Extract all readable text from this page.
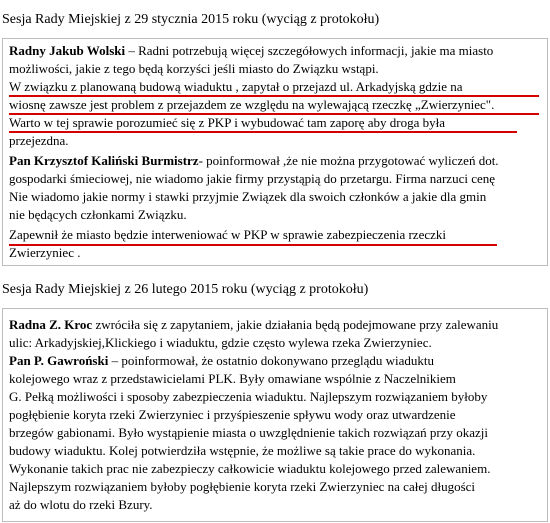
Sesja Rady Miejskiej z 29 stycznia 2015 roku (wyciąg z protokołu)
Radny Jakub Wolski – Radni potrzebują więcej szczegółowych informacji, jakie ma miasto
możliwości, jakie z tego będą korzyści jeśli miasto do Związku wstąpi.
W związku z planowaną budową wiaduktu , zapytał o przejazd ul. Arkadyjską gdzie na
wiosnę zawsze jest problem z przejazdem ze względu na wylewającą rzeczkę „Zwierzyniec".
Warto w tej sprawie porozumieć się z PKP i wybudować tam zaporę aby droga była
przejezdna.
Pan Krzysztof Kaliński Burmistrz- poinformował ,że nie można przygotować wyliczeń dot.
gospodarki śmieciowej, nie wiadomo jakie firmy przystąpią do przetargu. Firma narzuci cenę
Nie wiadomo jakie normy i stawki przyjmie Związek dla swoich członków a jakie dla gmin
nie będących członkami Związku.
Zapewnił że miasto będzie interweniować w PKP w sprawie zabezpieczenia rzeczki
Zwierzyniec .
Sesja Rady Miejskiej z 26 lutego 2015 roku (wyciąg z protokołu)
Radna Z. Kroc zwróciła się z zapytaniem, jakie działania będą podejmowane przy zalewaniu
ulic: Arkadyjskiej,Klickiego i wiaduktu, gdzie często wylewa rzeka Zwierzyniec.
Pan P. Gawroński – poinformował, że ostatnio dokonywano przeglądu wiaduktu
kolejowego wraz z przedstawicielami PLK. Były omawiane wspólnie z Naczelnikiem
G. Pełką możliwości i sposoby zabezpieczenia wiaduktu. Najlepszym rozwiązaniem byłoby
pogłębienie koryta rzeki Zwierzyniec i przyśpieszenie spływu wody oraz utwardzenie
brzegów gabionami. Było wystąpienie miasta o uwzględnienie takich rozwiązań przy okazji
budowy wiaduktu. Kolej potwierdziła wstępnie, że możliwe są takie prace do wykonania.
Wykonanie takich prac nie zabezpieczy całkowicie wiaduktu kolejowego przed zalewaniem.
Najlepszym rozwiązaniem byłoby pogłębienie koryta rzeki Zwierzyniec na całej długości
aż do wlotu do rzeki Bzury.
